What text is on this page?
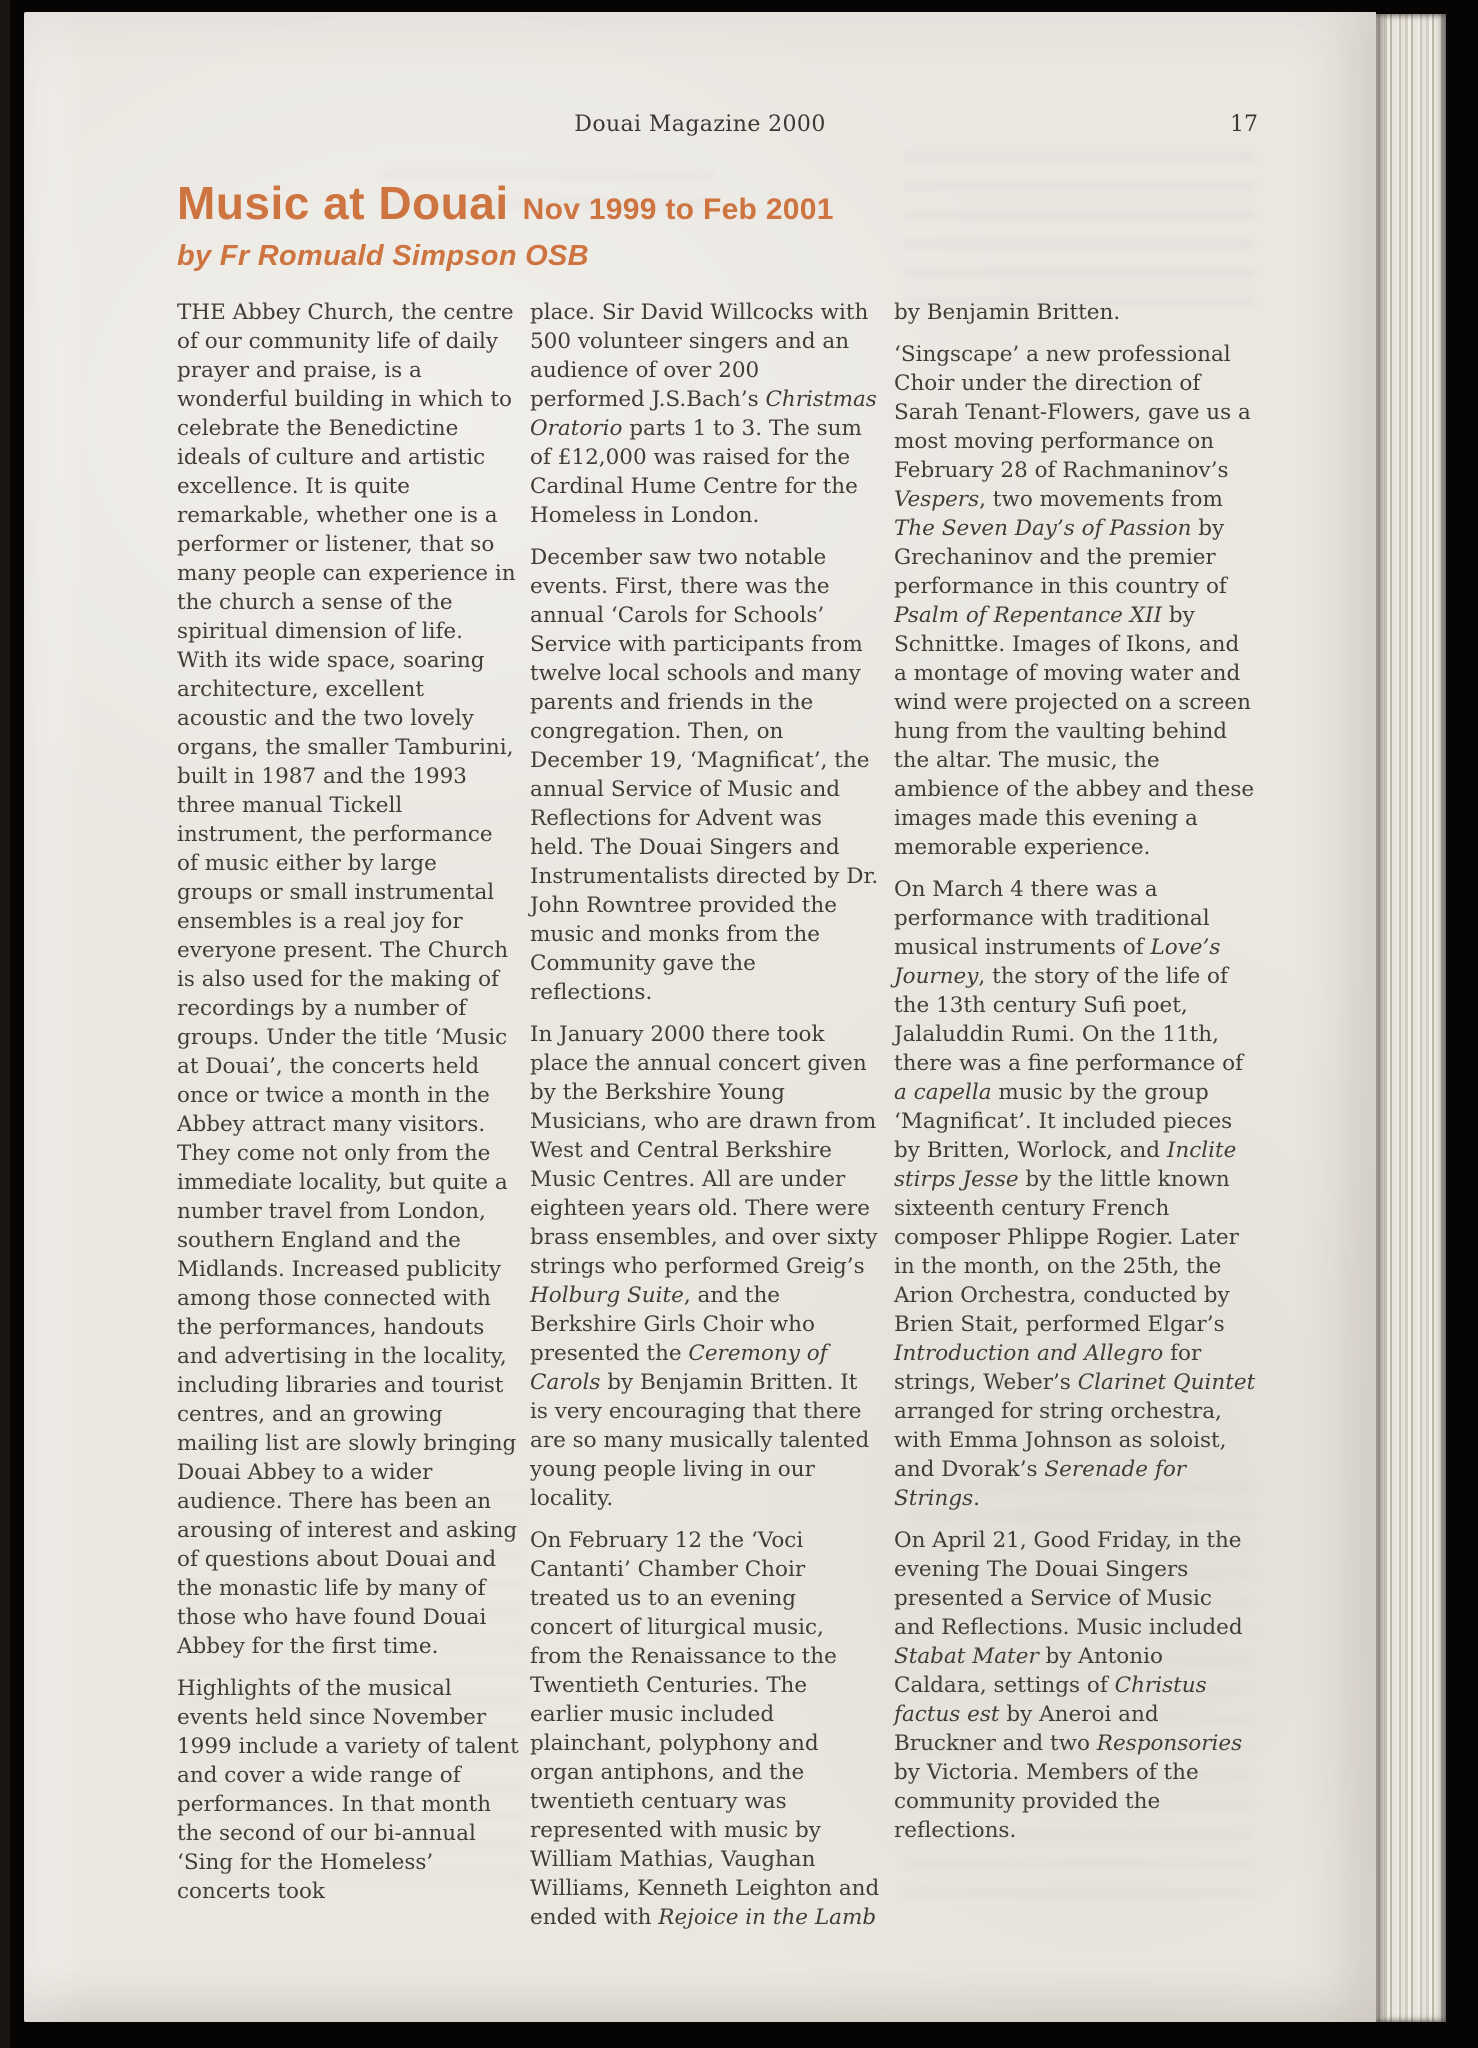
Douai Magazine 2000	17
Music at Douai Nov 1999 to Feb 2001
by Fr Romuald Simpson OSB

THE Abbey Church, the centre of our community life of daily prayer and praise, is a wonderful building in which to celebrate the Benedictine ideals of culture and artistic excellence. It is quite remarkable, whether one is a performer or listener, that so many people can experience in the church a sense of the spiritual dimension of life. With its wide space, soaring architecture, excellent acoustic and the two lovely organs, the smaller Tamburini, built in 1987 and the 1993 three manual Tickell instrument, the performance of music either by large groups or small instrumental ensembles is a real joy for everyone present. The Church is also used for the making of recordings by a number of groups. Under the title ‘Music at Douai’, the concerts held once or twice a month in the Abbey attract many visitors. They come not only from the immediate locality, but quite a number travel from London, southern England and the Midlands. Increased publicity among those connected with the performances, handouts and advertising in the locality, including libraries and tourist centres, and an growing mailing list are slowly bringing Douai Abbey to a wider audience. There has been an arousing of interest and asking of questions about Douai and the monastic life by many of those who have found Douai Abbey for the first time.

Highlights of the musical events held since November 1999 include a variety of talent and cover a wide range of performances. In that month the second of our bi-annual ‘Sing for the Homeless’ concerts took

place. Sir David Willcocks with 500 volunteer singers and an audience of over 200 performed J.S.Bach’s Christmas Oratorio parts 1 to 3. The sum of £12,000 was raised for the Cardinal Hume Centre for the Homeless in London.

December saw two notable events. First, there was the annual ‘Carols for Schools’ Service with participants from twelve local schools and many parents and friends in the congregation. Then, on December 19, ‘Magnificat’, the annual Service of Music and Reflections for Advent was held. The Douai Singers and Instrumentalists directed by Dr. John Rowntree provided the music and monks from the Community gave the reflections.

In January 2000 there took place the annual concert given by the Berkshire Young Musicians, who are drawn from West and Central Berkshire Music Centres. All are under eighteen years old. There were brass ensembles, and over sixty strings who performed Greig’s Holburg Suite, and the Berkshire Girls Choir who presented the Ceremony of Carols by Benjamin Britten. It is very encouraging that there are so many musically talented young people living in our locality.

On February 12 the ‘Voci Cantanti’ Chamber Choir treated us to an evening concert of liturgical music, from the Renaissance to the Twentieth Centuries. The earlier music included plainchant, polyphony and organ antiphons, and the twentieth centuary was represented with music by William Mathias, Vaughan Williams, Kenneth Leighton and ended with Rejoice in the Lamb

by Benjamin Britten.

‘Singscape’ a new professional Choir under the direction of Sarah Tenant-Flowers, gave us a most moving performance on February 28 of Rachmaninov’s Vespers, two movements from The Seven Day’s of Passion by Grechaninov and the premier performance in this country of Psalm of Repentance XII by Schnittke. Images of Ikons, and a montage of moving water and wind were projected on a screen hung from the vaulting behind the altar. The music, the ambience of the abbey and these images made this evening a memorable experience.

On March 4 there was a performance with traditional musical instruments of Love’s Journey, the story of the life of the 13th century Sufi poet, Jalaluddin Rumi. On the 11th, there was a fine performance of a capella music by the group ‘Magnificat’. It included pieces by Britten, Worlock, and Inclite stirps Jesse by the little known sixteenth century French composer Phlippe Rogier. Later in the month, on the 25th, the Arion Orchestra, conducted by Brien Stait, performed Elgar’s Introduction and Allegro for strings, Weber’s Clarinet Quintet arranged for string orchestra, with Emma Johnson as soloist, and Dvorak’s Serenade for Strings.

On April 21, Good Friday, in the evening The Douai Singers presented a Service of Music and Reflections. Music included Stabat Mater by Antonio Caldara, settings of Christus factus est by Aneroi and Bruckner and two Responsories by Victoria. Members of the community provided the reflections.
